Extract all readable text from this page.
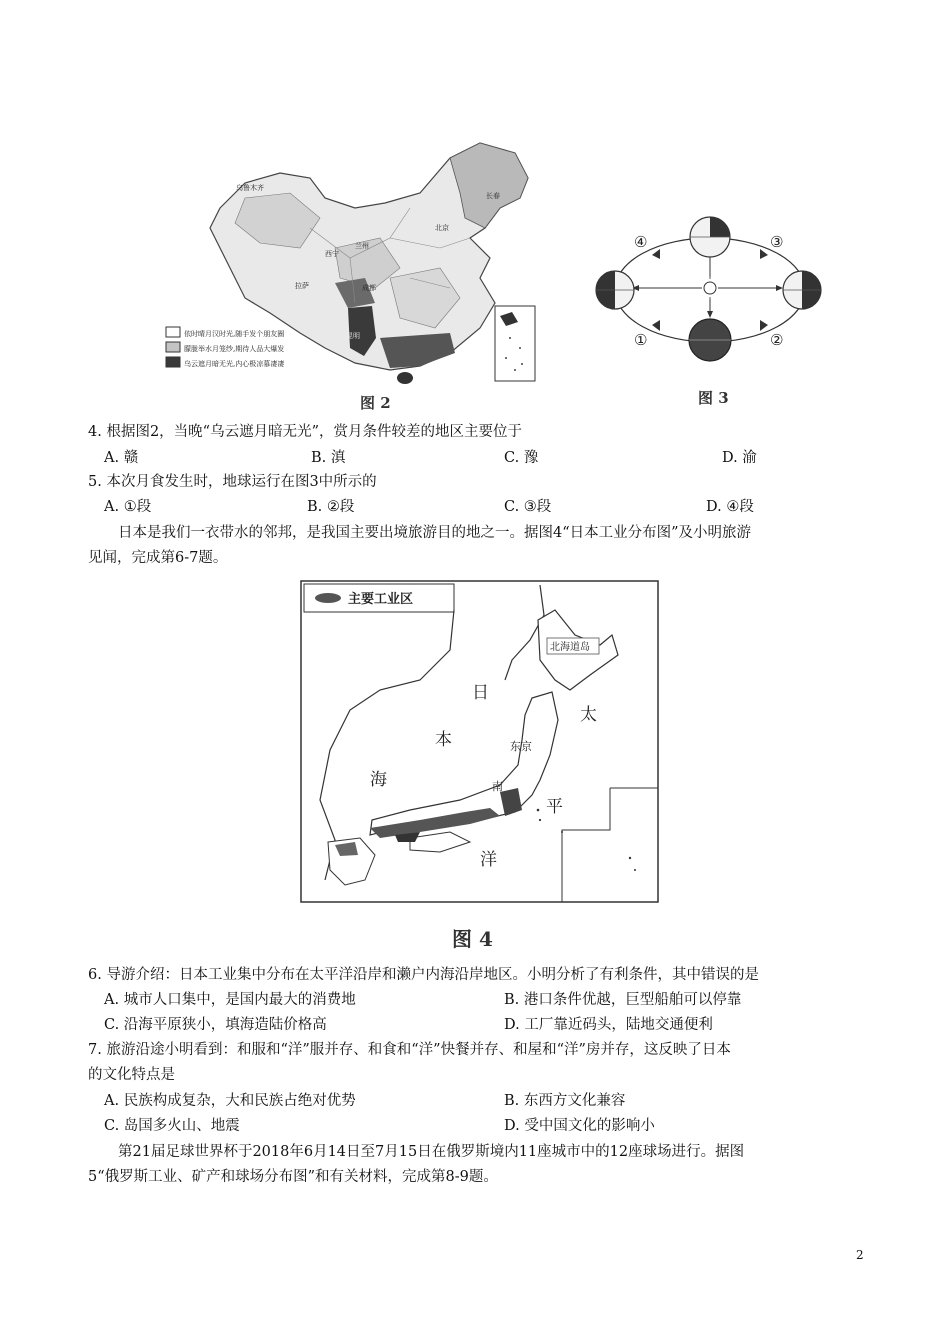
乌鲁木齐
拉萨
西宁
成都
兰州
北京
长春
昆明
依时晴月汉时光,随手发个朋友圈
朦胧举水月笼纱,期待人品大爆发
乌云遮月暗无光,内心极凉慕凄凄
图 2
④	③
①	②
图 3
4. 根据图2，当晚“乌云遮月暗无光”，赏月条件较差的地区主要位于
A. 赣	B. 滇	C. 豫	D. 渝
5. 本次月食发生时，地球运行在图3中所示的
A. ①段	B. ②段	C. ③段	D. ④段
日本是我们一衣带水的邻邦，是我国主要出境旅游目的地之一。据图4“日本工业分布图”及小明旅游
见闻，完成第6-7题。
主要工业区
北海道岛
日
本
海
太
平
洋
东京
南
图 4
6. 导游介绍：日本工业集中分布在太平洋沿岸和濑户内海沿岸地区。小明分析了有利条件，其中错误的是
A. 城市人口集中，是国内最大的消费地	B. 港口条件优越，巨型船舶可以停靠
C. 沿海平原狭小，填海造陆价格高	D. 工厂靠近码头，陆地交通便利
7. 旅游沿途小明看到：和服和“洋”服并存、和食和“洋”快餐并存、和屋和“洋”房并存，这反映了日本
的文化特点是
A. 民族构成复杂，大和民族占绝对优势	B. 东西方文化兼容
C. 岛国多火山、地震	D. 受中国文化的影响小
第21届足球世界杯于2018年6月14日至7月15日在俄罗斯境内11座城市中的12座球场进行。据图
5“俄罗斯工业、矿产和球场分布图”和有关材料，完成第8-9题。
2
